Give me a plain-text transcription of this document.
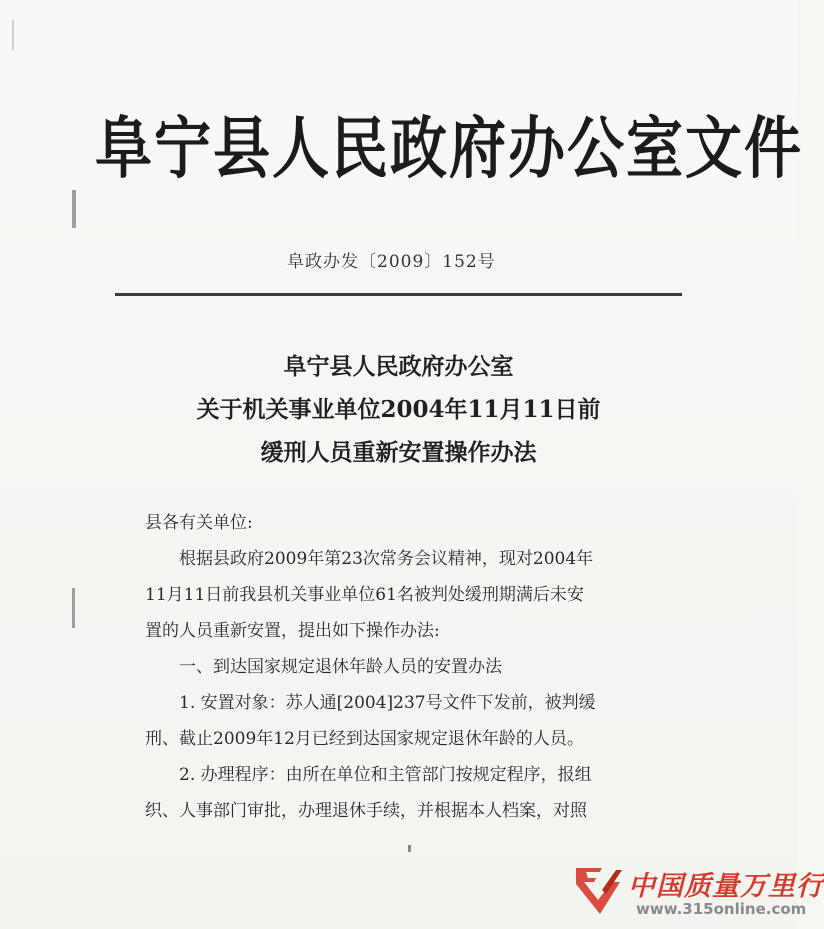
阜宁县人民政府办公室文件
阜政办发〔2009〕152号
阜宁县人民政府办公室
关于机关事业单位2004年11月11日前
缓刑人员重新安置操作办法

县各有关单位:

根据县政府2009年第23次常务会议精神，现对2004年

11月11日前我县机关事业单位61名被判处缓刑期满后未安

置的人员重新安置，提出如下操作办法:

一、到达国家规定退休年龄人员的安置办法

1. 安置对象：苏人通[2004]237号文件下发前，被判缓

刑、截止2009年12月已经到达国家规定退休年龄的人员。

2. 办理程序：由所在单位和主管部门按规定程序，报组

织、人事部门审批，办理退休手续，并根据本人档案，对照

中国质量万里行
www.315online.com
